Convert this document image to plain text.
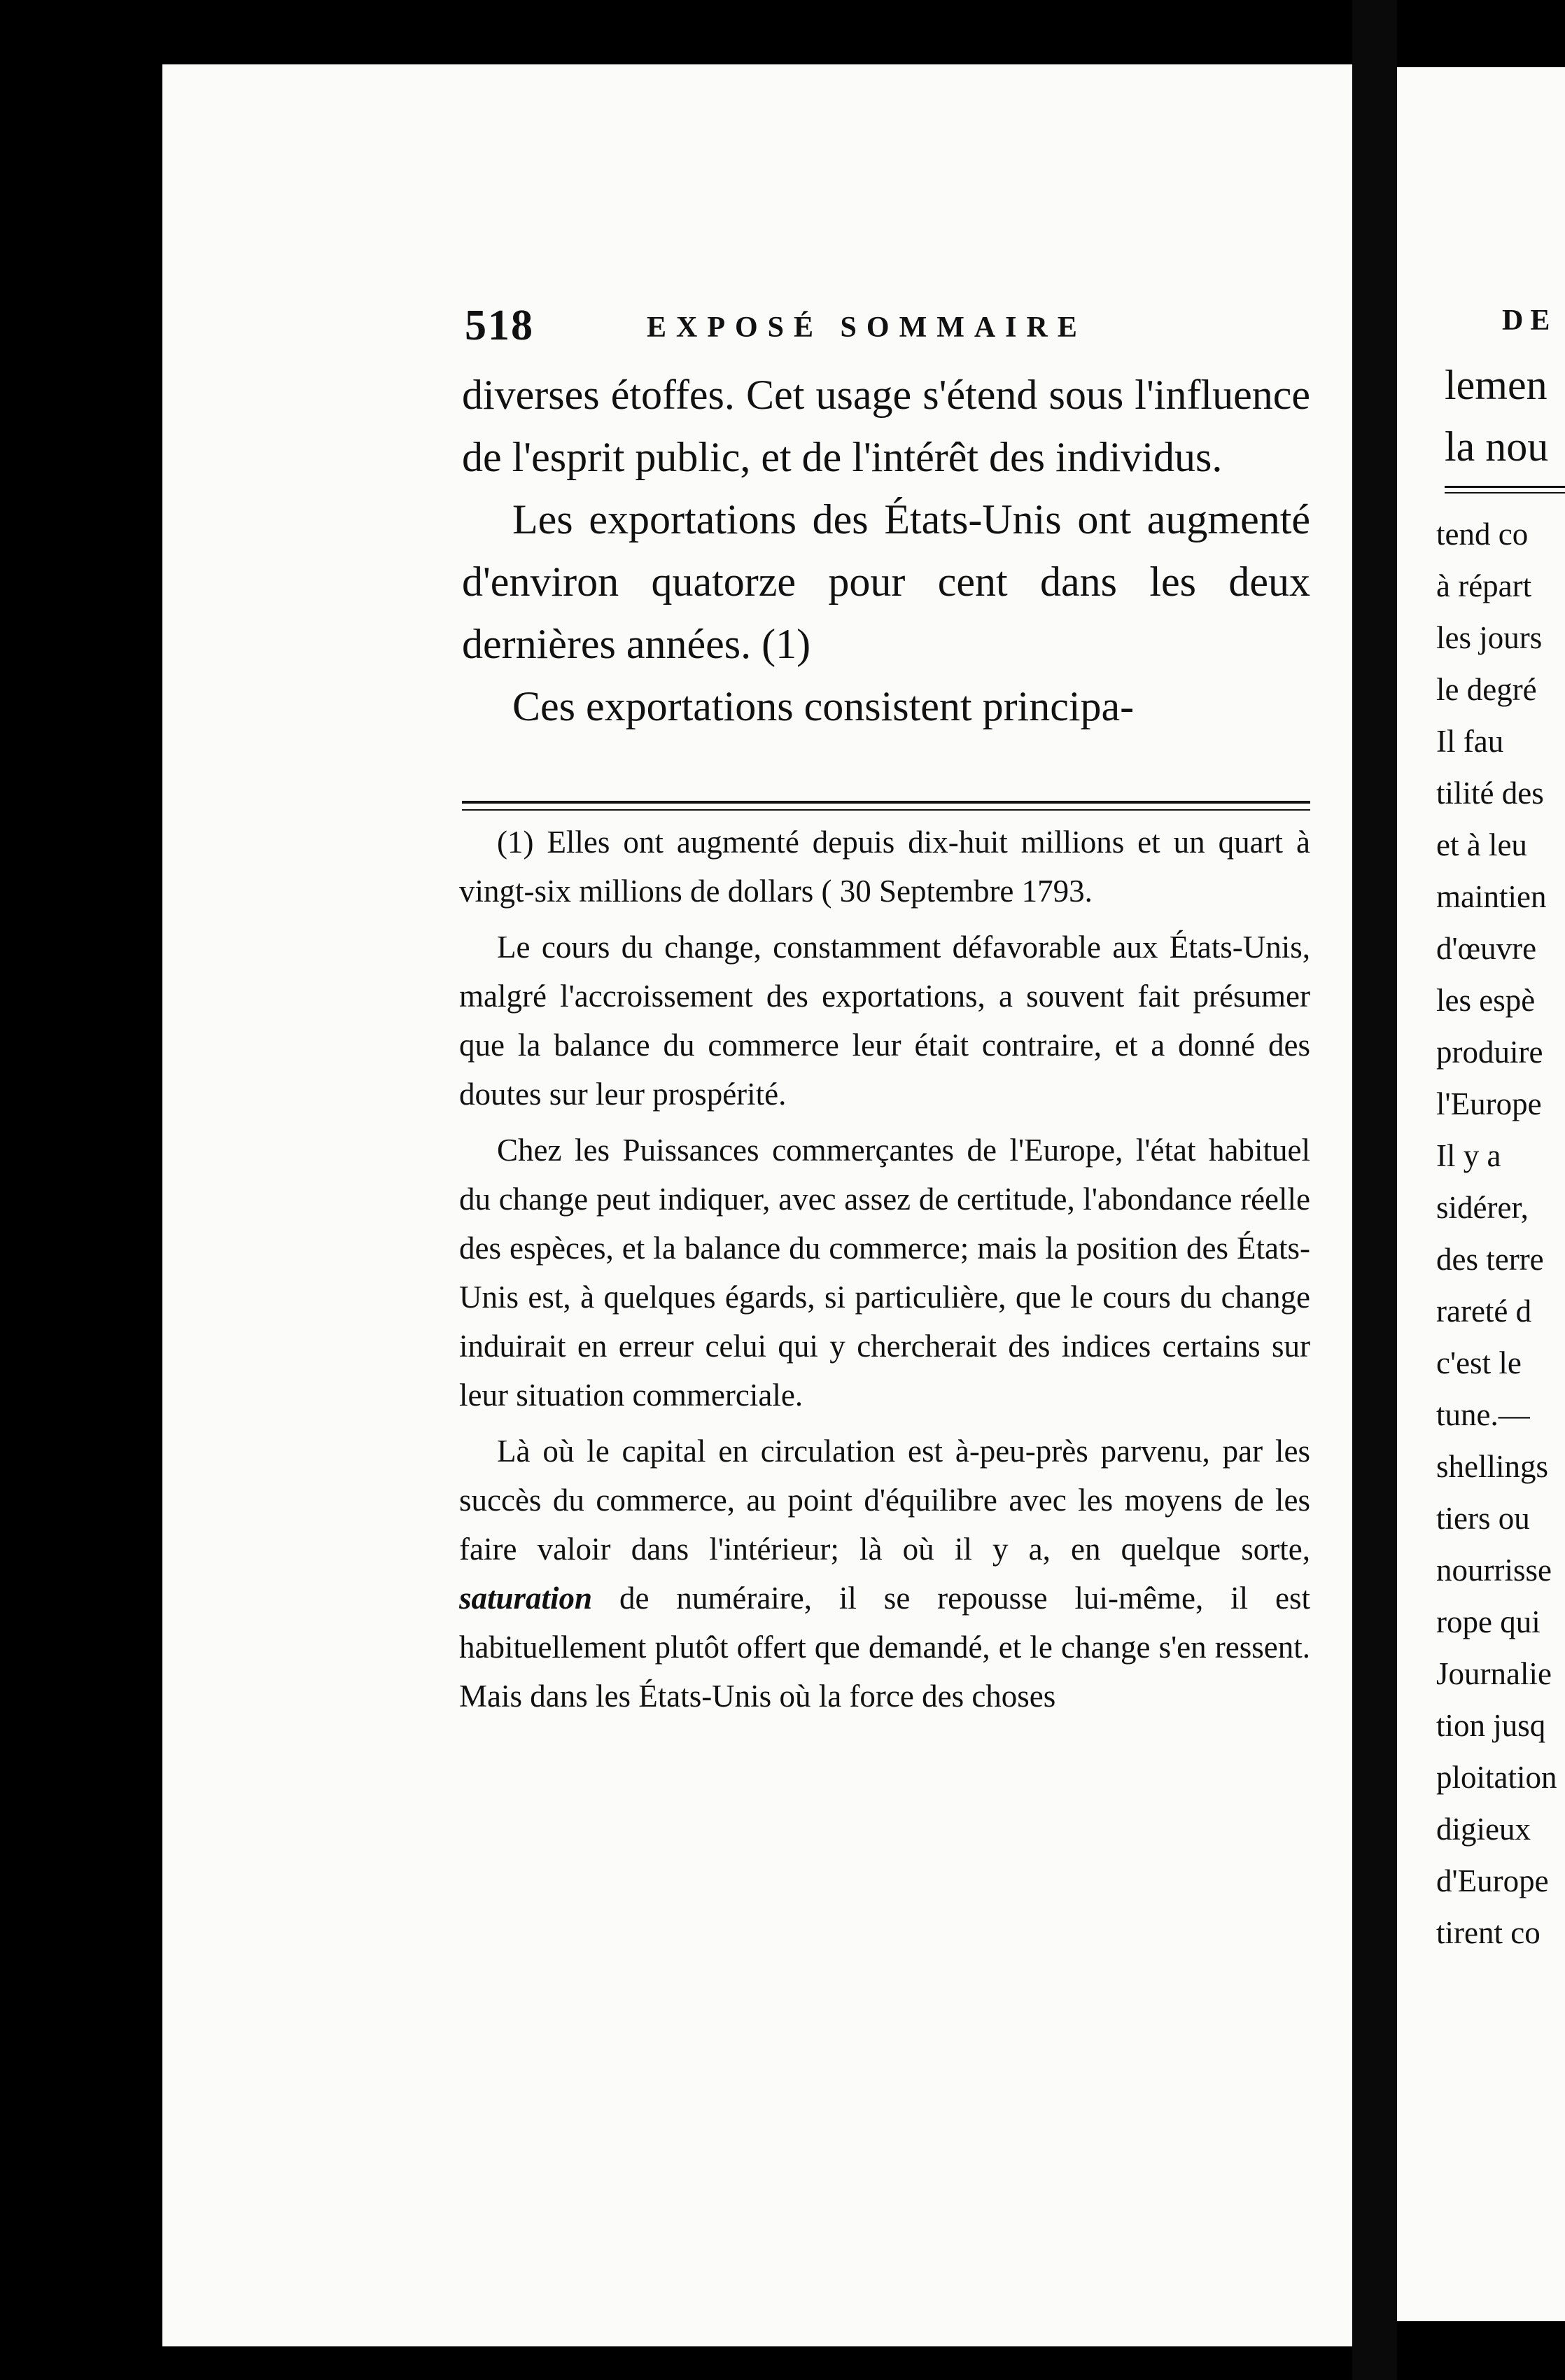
518	EXPOSÉ SOMMAIRE

diverses étoffes. Cet usage s'étend sous l'influence de l'esprit public, et de l'intérêt des individus.

Les exportations des États-Unis ont augmenté d'environ quatorze pour cent dans les deux dernières années. (1)

Ces exportations consistent principa-

(1) Elles ont augmenté depuis dix-huit millions et un quart à vingt-six millions de dollars ( 30 Septembre 1793.

Le cours du change, constamment défavorable aux États-Unis, malgré l'accroissement des exportations, a souvent fait présumer que la balance du commerce leur était contraire, et a donné des doutes sur leur prospérité.

Chez les Puissances commerçantes de l'Europe, l'état habituel du change peut indiquer, avec assez de certitude, l'abondance réelle des espèces, et la balance du commerce; mais la position des États-Unis est, à quelques égards, si particulière, que le cours du change induirait en erreur celui qui y chercherait des indices certains sur leur situation commerciale.

Là où le capital en circulation est à-peu-près parvenu, par les succès du commerce, au point d'équilibre avec les moyens de les faire valoir dans l'intérieur; là où il y a, en quelque sorte, saturation de numéraire, il se repousse lui-même, il est habituellement plutôt offert que demandé, et le change s'en ressent. Mais dans les États-Unis où la force des choses

DE
lemen
la nou
tend co
à répart
les jours
le degré
Il fau
tilité des
et à leu
maintien
d'œuvre
les espè
produire
l'Europe
Il y a
sidérer,
des terre
rareté d
c'est le
tune.—
shellings
tiers ou
nourrisse
rope qui
Journalie
tion jusq
ploitation
digieux
d'Europe
tirent co
